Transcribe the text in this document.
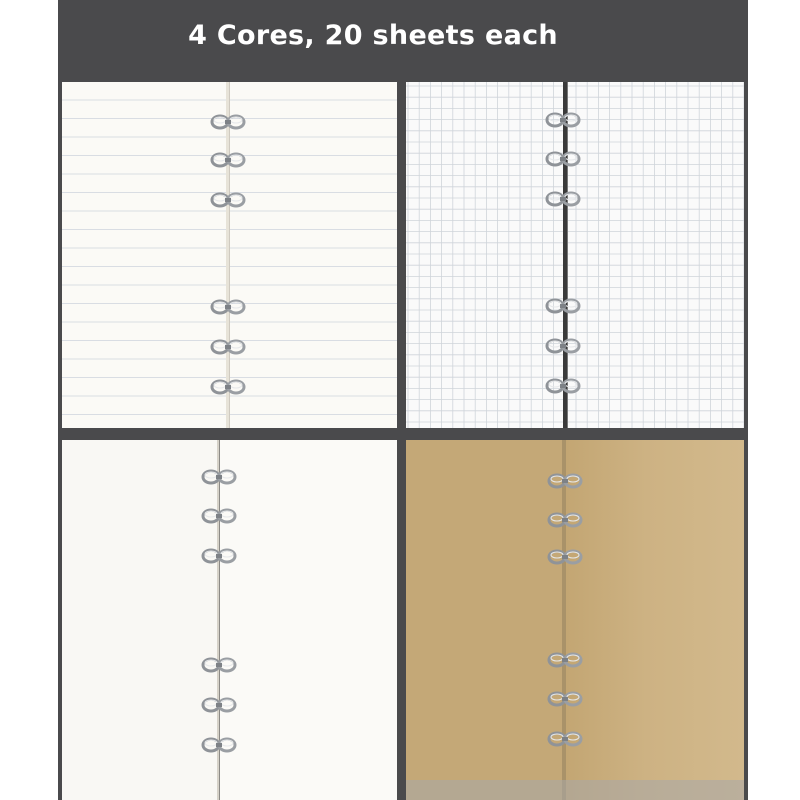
4 Cores, 20 sheets each
